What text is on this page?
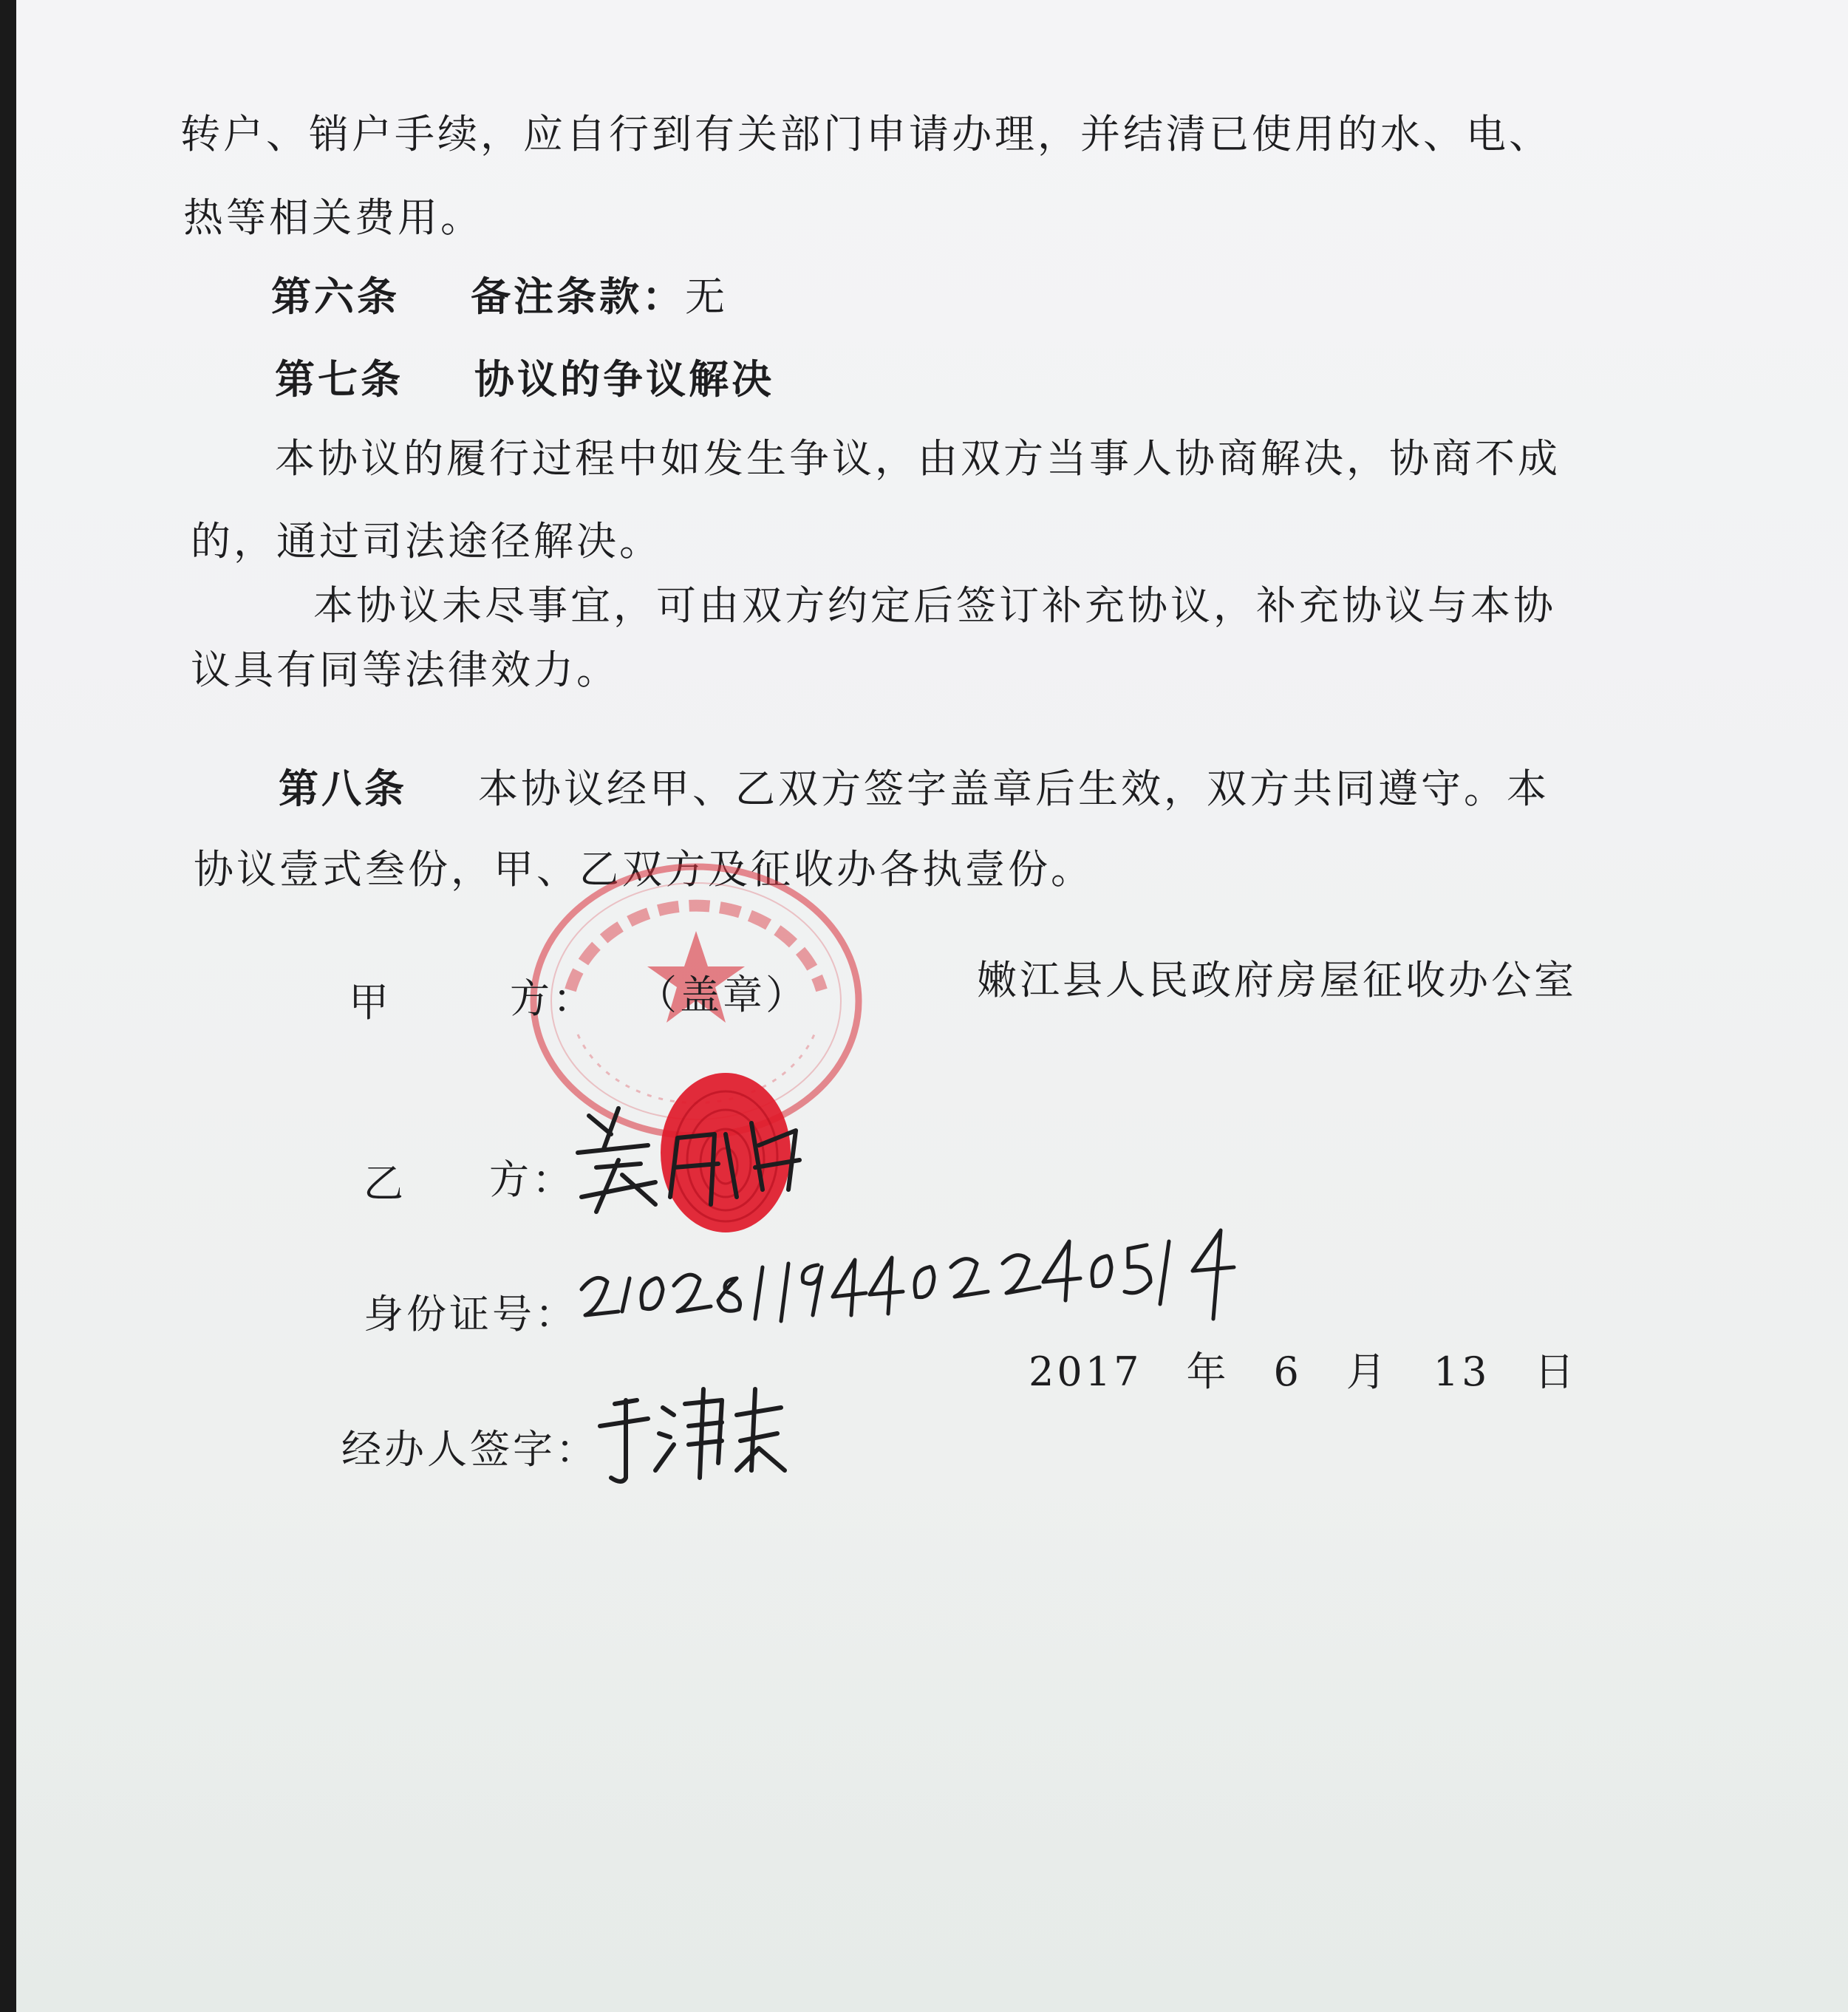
转户、销户手续，应自行到有关部门申请办理，并结清已使用的水、电、

热等相关费用。

第六条 备注条款：无

第七条 协议的争议解决

本协议的履行过程中如发生争议，由双方当事人协商解决，协商不成

的，通过司法途径解决。

本协议未尽事宜，可由双方约定后签订补充协议，补充协议与本协

议具有同等法律效力。

第八条 本协议经甲、乙双方签字盖章后生效，双方共同遵守。本

协议壹式叁份，甲、乙双方及征收办各执壹份。

甲	方： （盖章）	嫩江县人民政府房屋征收办公室

乙 方：

身份证号：

2017 年 6 月 13 日

经办人签字：
